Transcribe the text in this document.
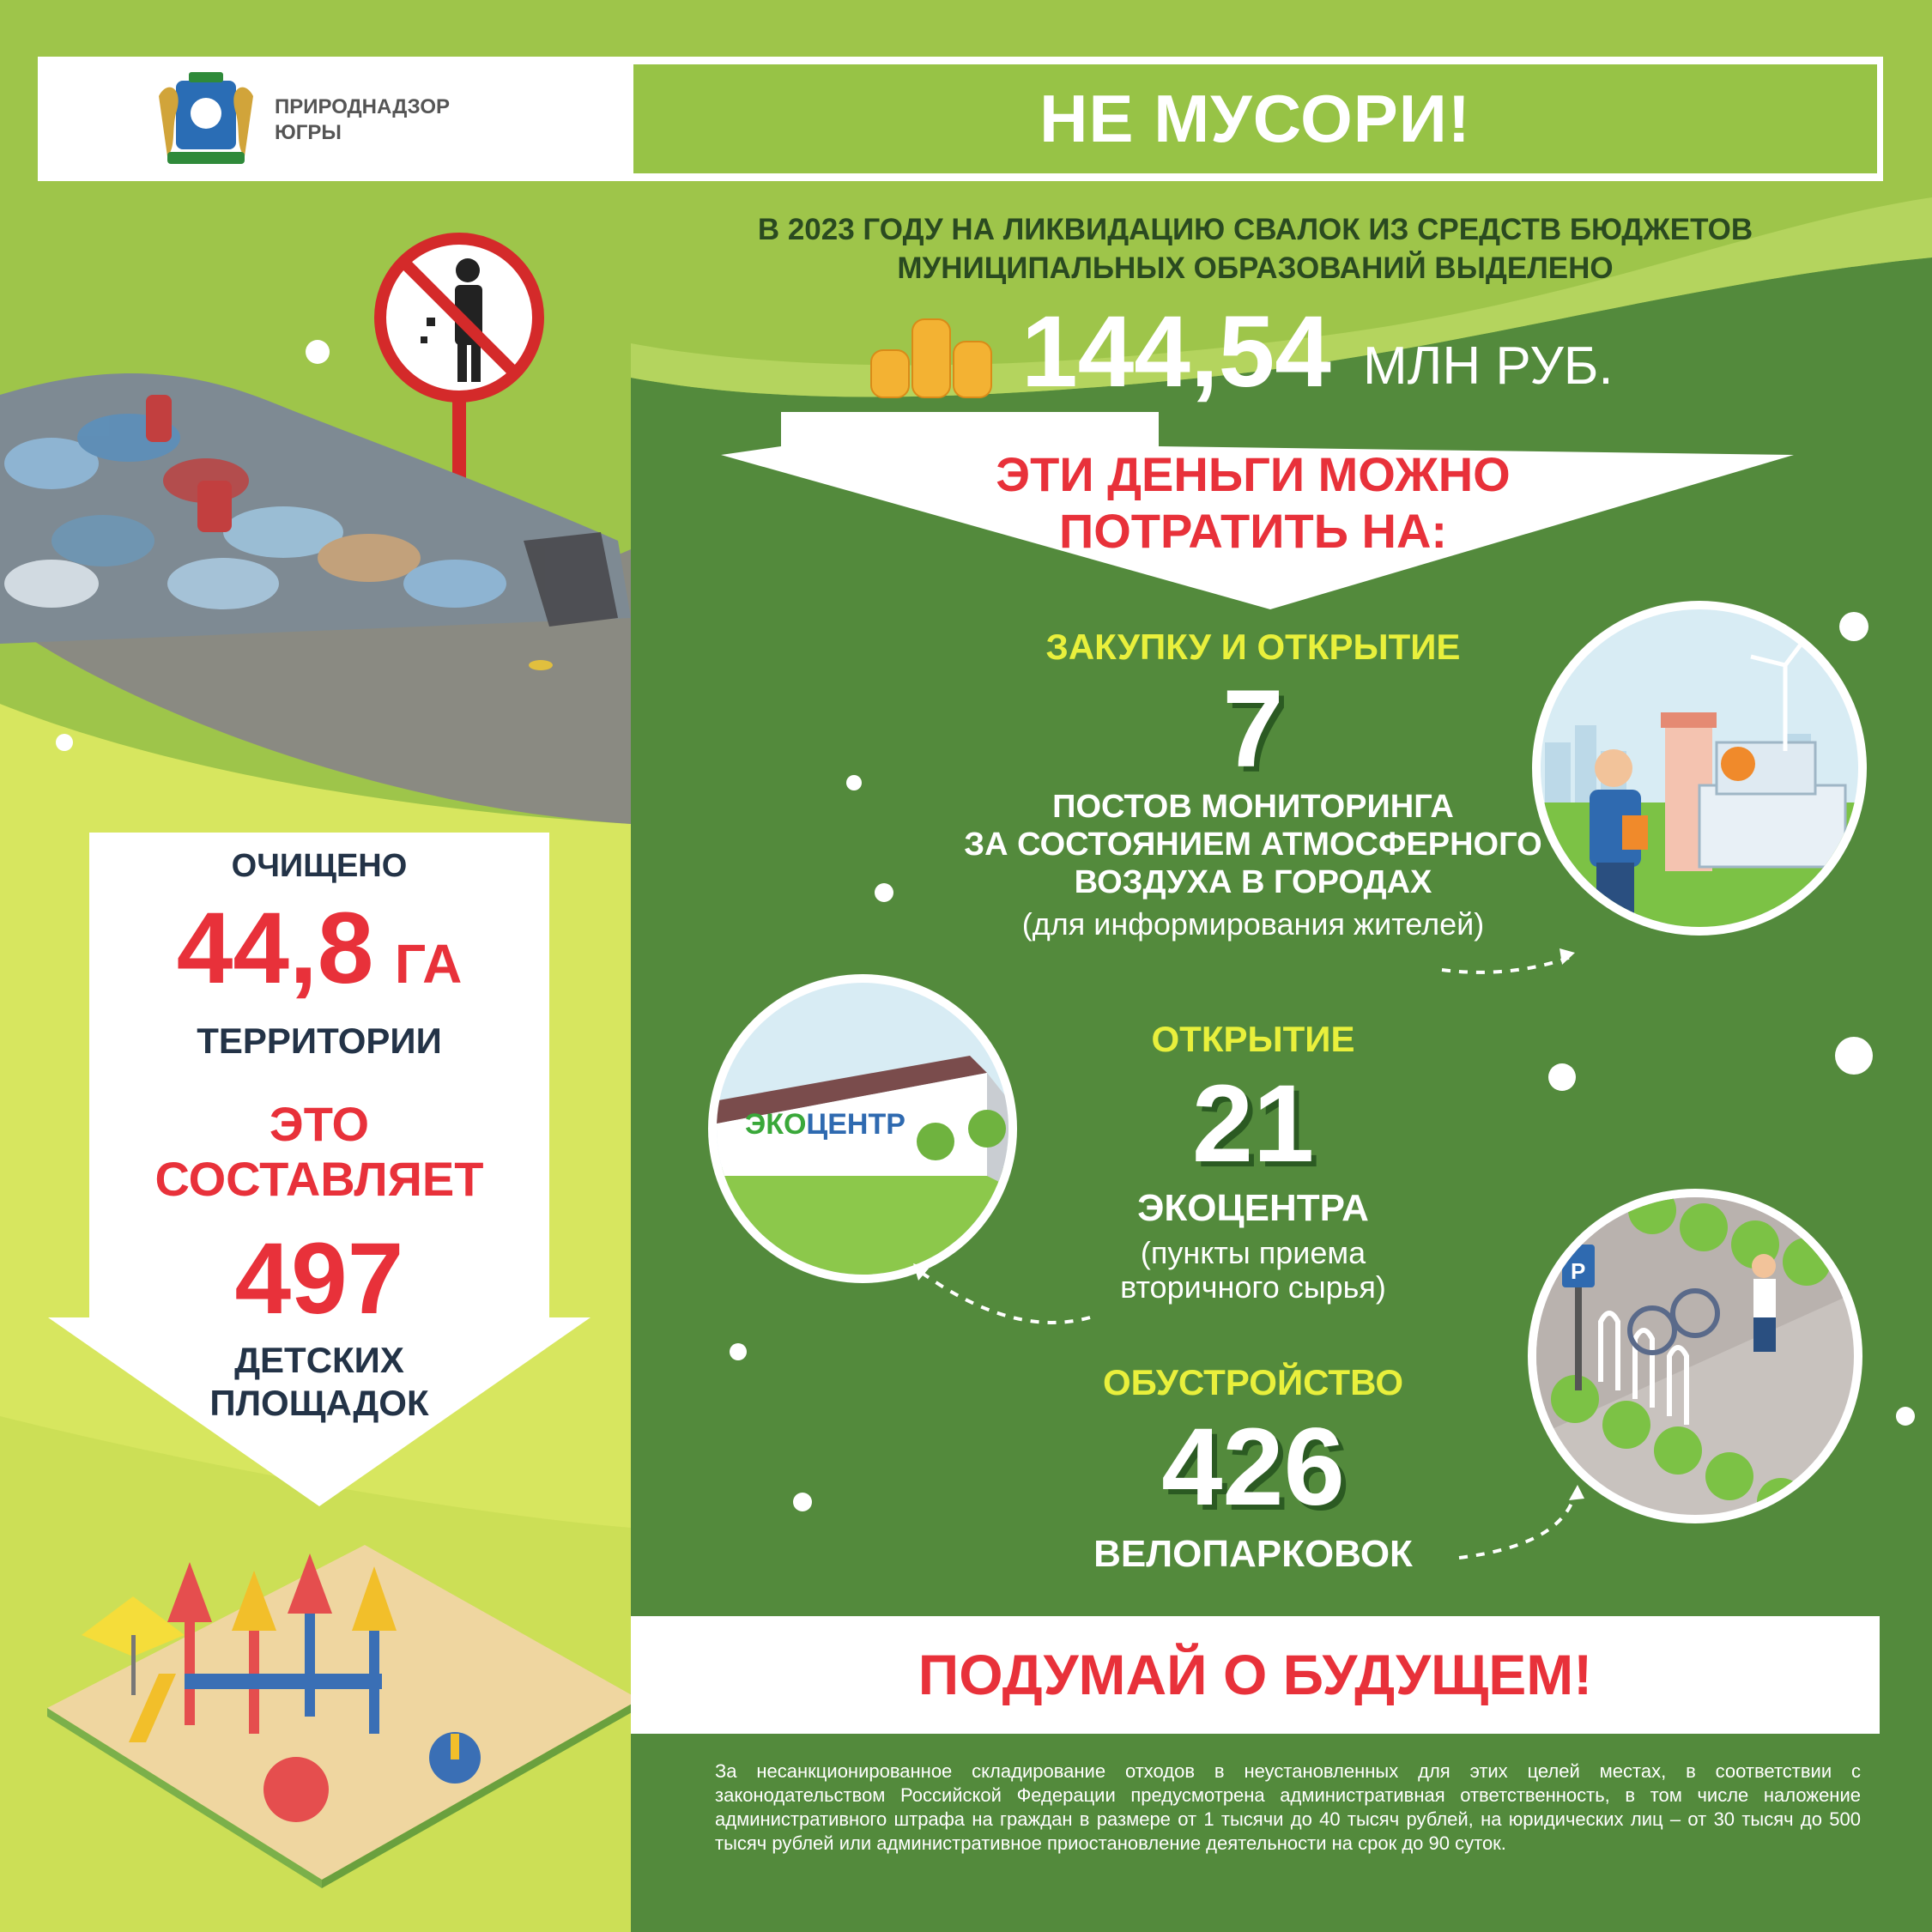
ПРИРОДНАДЗОР
ЮГРЫ	НЕ МУСОРИ!
В 2023 ГОДУ НА ЛИКВИДАЦИЮ СВАЛОК ИЗ СРЕДСТВ БЮДЖЕТОВ
МУНИЦИПАЛЬНЫХ ОБРАЗОВАНИЙ ВЫДЕЛЕНО
144,54 МЛН РУБ.
ЭТИ ДЕНЬГИ МОЖНО
ПОТРАТИТЬ НА:
ОЧИЩЕНО
44,8 ГА
ТЕРРИТОРИИ
ЭТО
СОСТАВЛЯЕТ
497
ДЕТСКИХ
ПЛОЩАДОК
ЗАКУПКУ И ОТКРЫТИЕ
7
ПОСТОВ МОНИТОРИНГА
ЗА СОСТОЯНИЕМ АТМОСФЕРНОГО
ВОЗДУХА В ГОРОДАХ
(для информирования жителей)
ОТКРЫТИЕ
21
ЭКОЦЕНТРА
(пункты приема
вторичного сырья)
ЭКОЦЕНТР
ОБУСТРОЙСТВО
426
ВЕЛОПАРКОВОК
P
ПОДУМАЙ О БУДУЩЕМ!
За несанкционированное складирование отходов в неустановленных для этих целей местах, в соответствии с законодательством Российской Федерации предусмотрена административная ответственность, в том числе наложение административного штрафа на граждан в размере от 1 тысячи до 40 тысяч рублей, на юридических лиц – от 30 тысяч до 500 тысяч рублей или административное приостановление деятельности на срок до 90 суток.
